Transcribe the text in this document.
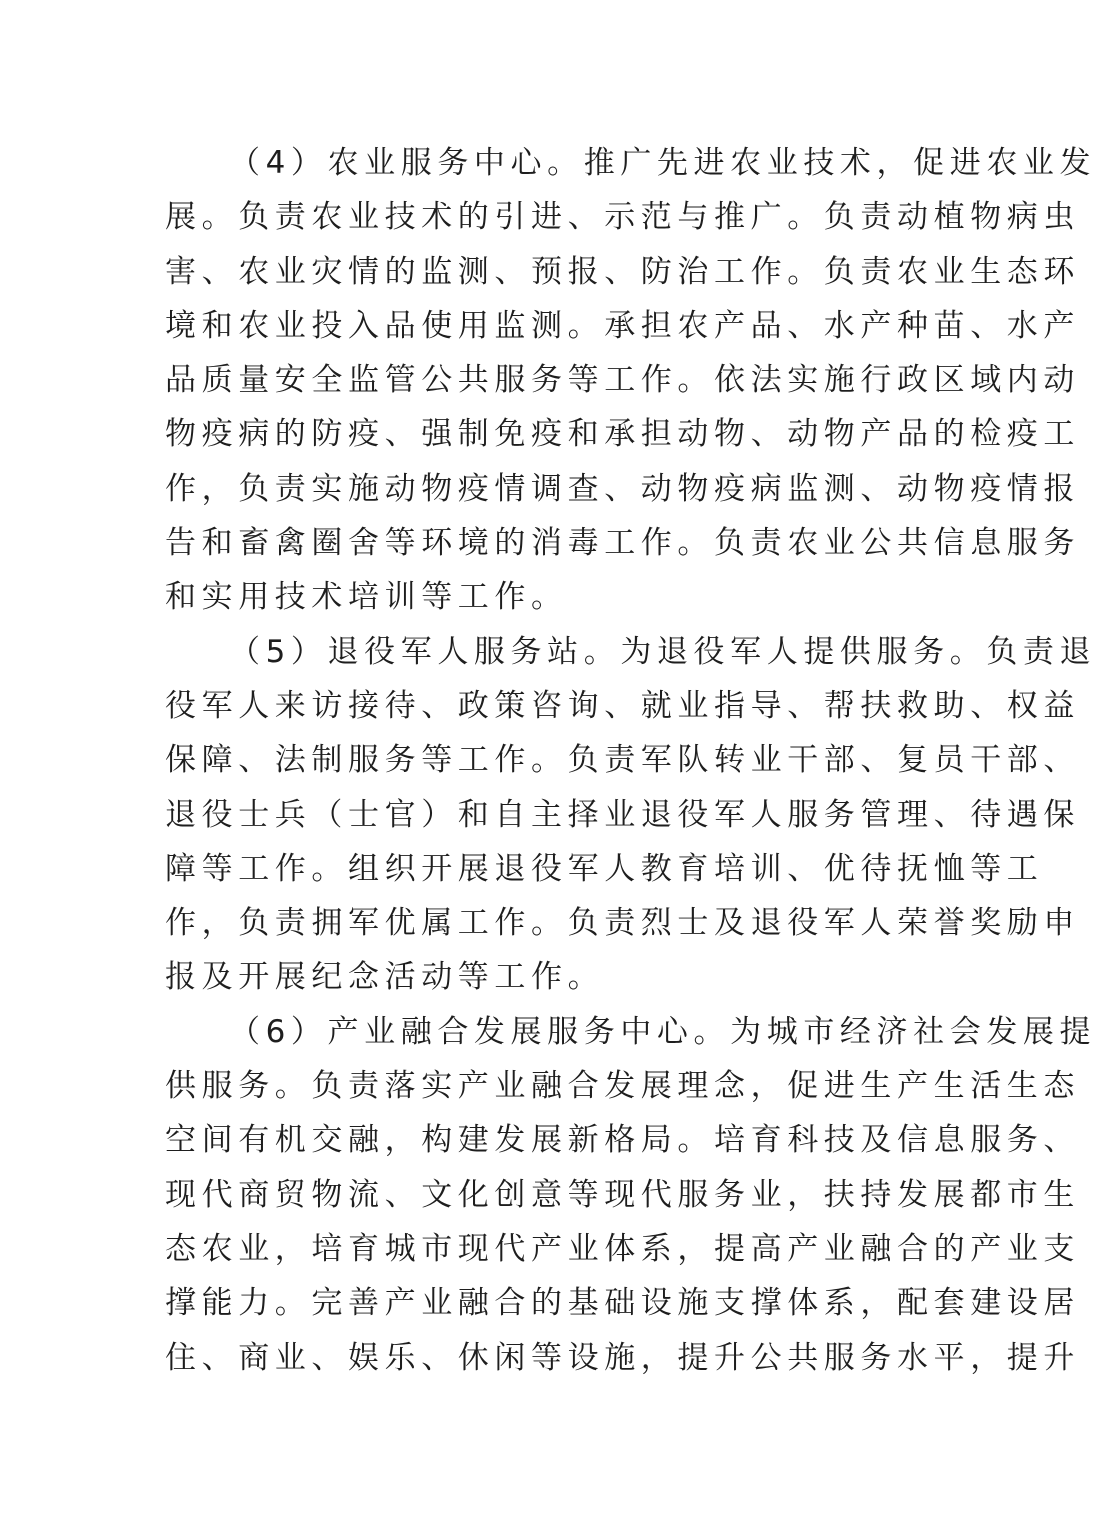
（4）农业服务中心。推广先进农业技术，促进农业发
展。负责农业技术的引进、示范与推广。负责动植物病虫
害、农业灾情的监测、预报、防治工作。负责农业生态环
境和农业投入品使用监测。承担农产品、水产种苗、水产
品质量安全监管公共服务等工作。依法实施行政区域内动
物疫病的防疫、强制免疫和承担动物、动物产品的检疫工
作，负责实施动物疫情调查、动物疫病监测、动物疫情报
告和畜禽圈舍等环境的消毒工作。负责农业公共信息服务
和实用技术培训等工作。
（5）退役军人服务站。为退役军人提供服务。负责退
役军人来访接待、政策咨询、就业指导、帮扶救助、权益
保障、法制服务等工作。负责军队转业干部、复员干部、
退役士兵（士官）和自主择业退役军人服务管理、待遇保
障等工作。组织开展退役军人教育培训、优待抚恤等工
作，负责拥军优属工作。负责烈士及退役军人荣誉奖励申
报及开展纪念活动等工作。
（6）产业融合发展服务中心。为城市经济社会发展提
供服务。负责落实产业融合发展理念，促进生产生活生态
空间有机交融，构建发展新格局。培育科技及信息服务、
现代商贸物流、文化创意等现代服务业，扶持发展都市生
态农业，培育城市现代产业体系，提高产业融合的产业支
撑能力。完善产业融合的基础设施支撑体系，配套建设居
住、商业、娱乐、休闲等设施，提升公共服务水平，提升
